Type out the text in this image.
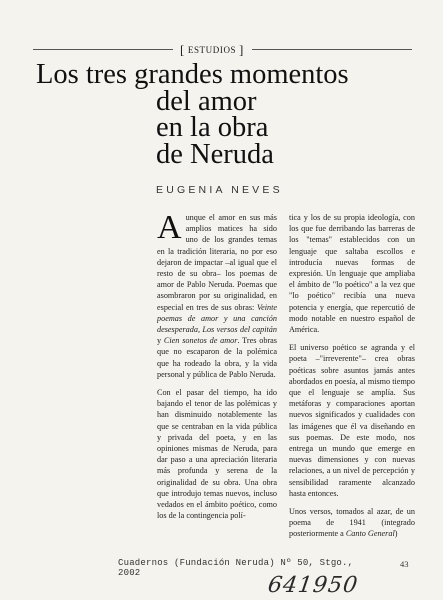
[ ESTUDIOS ]
Los tres grandes momentos
del amor
en la obra
de Neruda
EUGENIA NEVES

Aunque el amor en sus más amplios matices ha sido uno de los grandes temas en la tradición literaria, no por eso dejaron de impactar –al igual que el resto de su obra– los poemas de amor de Pablo Neruda. Poemas que asombraron por su originalidad, en especial en tres de sus obras: Veinte poemas de amor y una canción desesperada, Los versos del capitán y Cien sonetos de amor. Tres obras que no escaparon de la polémica que ha rodeado la obra, y la vida personal y pública de Pablo Neruda.

Con el pasar del tiempo, ha ido bajando el tenor de las polémicas y han disminuido notablemente las que se centraban en la vida pública y privada del poeta, y en las opiniones mismas de Neruda, para dar paso a una apreciación literaria más profunda y serena de la originalidad de su obra. Una obra que introdujo temas nuevos, incluso vedados en el ámbito poético, como los de la contingencia polí-

tica y los de su propia ideología, con los que fue derribando las barreras de los "temas" establecidos con un lenguaje que saltaba escollos e introducía nuevas formas de expresión. Un lenguaje que ampliaba el ámbito de "lo poético" a la vez que "lo poético" recibía una nueva potencia y energía, que repercutió de modo notable en nuestro español de América.

El universo poético se agranda y el poeta –"irreverente"– crea obras poéticas sobre asuntos jamás antes abordados en poesía, al mismo tiempo que el lenguaje se amplía. Sus metáforas y comparaciones aportan nuevos significados y cualidades con las imágenes que él va diseñando en sus poemas. De este modo, nos entrega un mundo que emerge en nuevas dimensiones y con nuevas relaciones, a un nivel de percepción y sensibilidad raramente alcanzado hasta entonces.

Unos versos, tomados al azar, de un poema de 1941 (integrado posteriormente a Canto General)

Cuadernos (Fundación Neruda) Nº 50, Stgo., 2002
43
641950
